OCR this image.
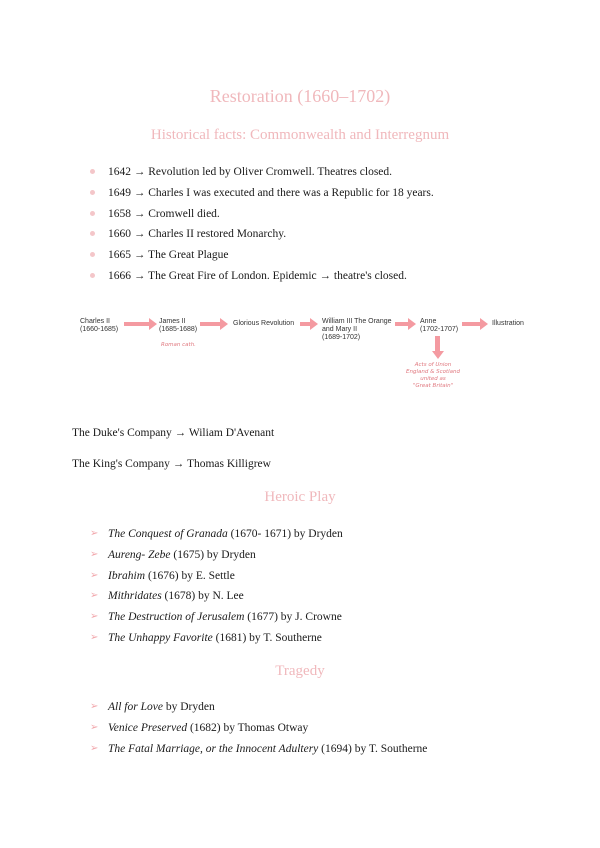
Restoration (1660–1702)
Historical facts: Commonwealth and Interregnum
1642 → Revolution led by Oliver Cromwell. Theatres closed.
1649 → Charles I was executed and there was a Republic for 18 years.
1658 → Cromwell died.
1660 → Charles II restored Monarchy.
1665 → The Great Plague
1666 → The Great Fire of London. Epidemic → theatre's closed.
Charles II
(1660-1685)
James II
(1685-1688)
Glorious Revolution	William III The Orange
and Mary II
(1689-1702)
Anne
(1702-1707)
Illustration
Roman cath.
Acts of Union
England & Scotland
united as
"Great Britain"
The Duke's Company → Wiliam D'Avenant
The King's Company → Thomas Killigrew
Heroic Play
➢ The Conquest of Granada (1670- 1671) by Dryden
➢ Aureng- Zebe (1675) by Dryden
➢ Ibrahim (1676) by E. Settle
➢ Mithridates (1678) by N. Lee
➢ The Destruction of Jerusalem (1677) by J. Crowne
➢ The Unhappy Favorite (1681) by T. Southerne
Tragedy
➢ All for Love by Dryden
➢ Venice Preserved (1682) by Thomas Otway
➢ The Fatal Marriage, or the Innocent Adultery (1694) by T. Southerne
